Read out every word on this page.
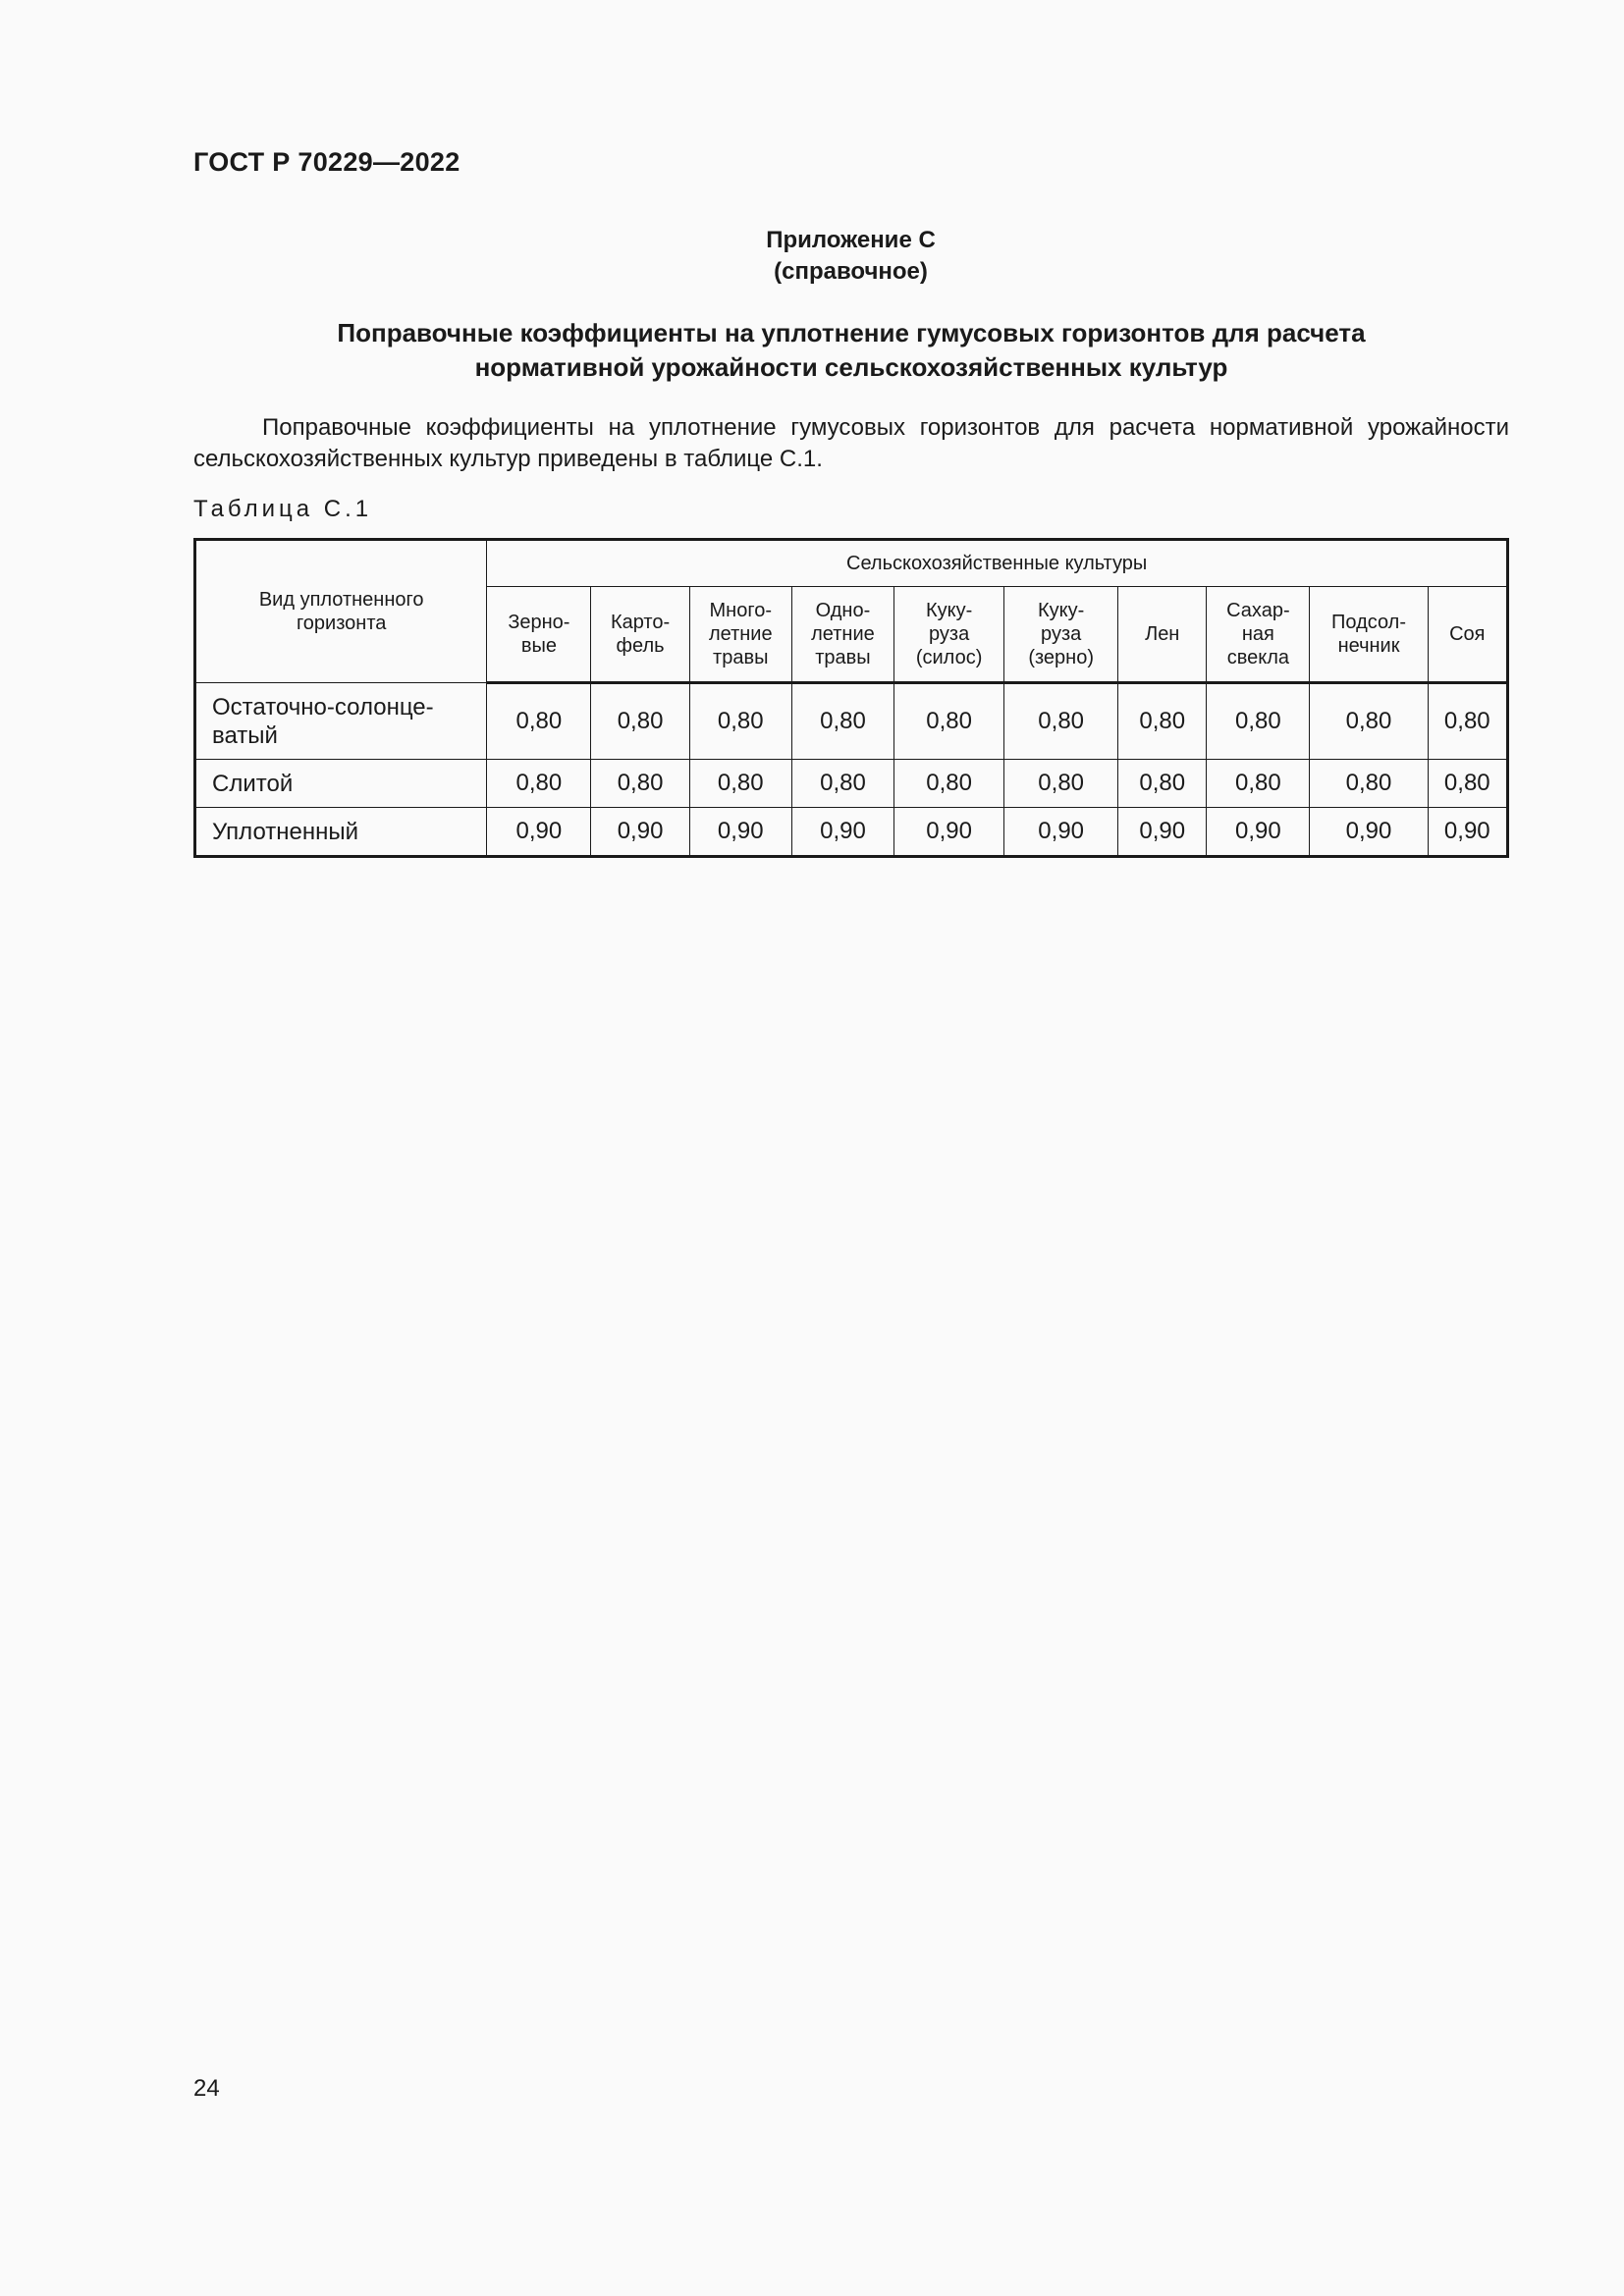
ГОСТ Р 70229—2022
Приложение С
(справочное)
Поправочные коэффициенты на уплотнение гумусовых горизонтов для расчета
нормативной урожайности сельскохозяйственных культур
Поправочные коэффициенты на уплотнение гумусовых горизонтов для расчета нормативной урожайности сельскохозяйственных культур приведены в таблице С.1.
Таблица С.1
Вид уплотненного
горизонта	Сельскохозяйственные культуры									

	Зерно-
вые	Карто-
фель	Много-
летние
травы	Одно-
летние
травы	Куку-
руза
(силос)	Куку-
руза
(зерно)	Лен	Сахар-
ная
свекла	Подсол-
нечник	Соя

Остаточно-солонце-
ватый	0,80	0,80	0,80	0,80	0,80	0,80	0,80	0,80	0,80	0,80

Слитой	0,80	0,80	0,80	0,80	0,80	0,80	0,80	0,80	0,80	0,80

Уплотненный	0,90	0,90	0,90	0,90	0,90	0,90	0,90	0,90	0,90	0,90
24
